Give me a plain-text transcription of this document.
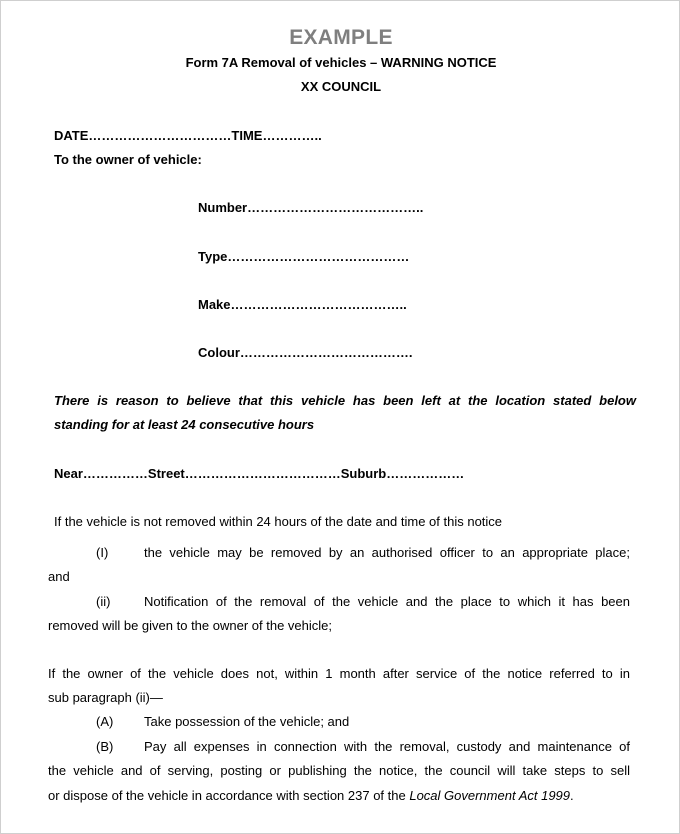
EXAMPLE
Form 7A Removal of vehicles – WARNING NOTICE
XX COUNCIL
DATE……………………………TIME…………..
To the owner of vehicle:
Number…………………………………..
Type……………………………………
Make…………………………………..
Colour………………………………….
There is reason to believe that this vehicle has been left at the location stated below
standing for at least 24 consecutive hours
Near……………Street………………………………Suburb………………
If the vehicle is not removed within 24 hours of the date and time of this notice
(I)	the vehicle may be removed by an authorised officer to an appropriate place;
and
(ii)	Notification of the removal of the vehicle and the place to which it has been
removed will be given to the owner of the vehicle;
If the owner of the vehicle does not, within 1 month after service of the notice referred to in
sub paragraph (ii)—
(A) Take possession of the vehicle; and
(B) Pay all expenses in connection with the removal, custody and maintenance of
the vehicle and of serving, posting or publishing the notice, the council will take steps to sell
or dispose of the vehicle in accordance with section 237 of the Local Government Act 1999.
